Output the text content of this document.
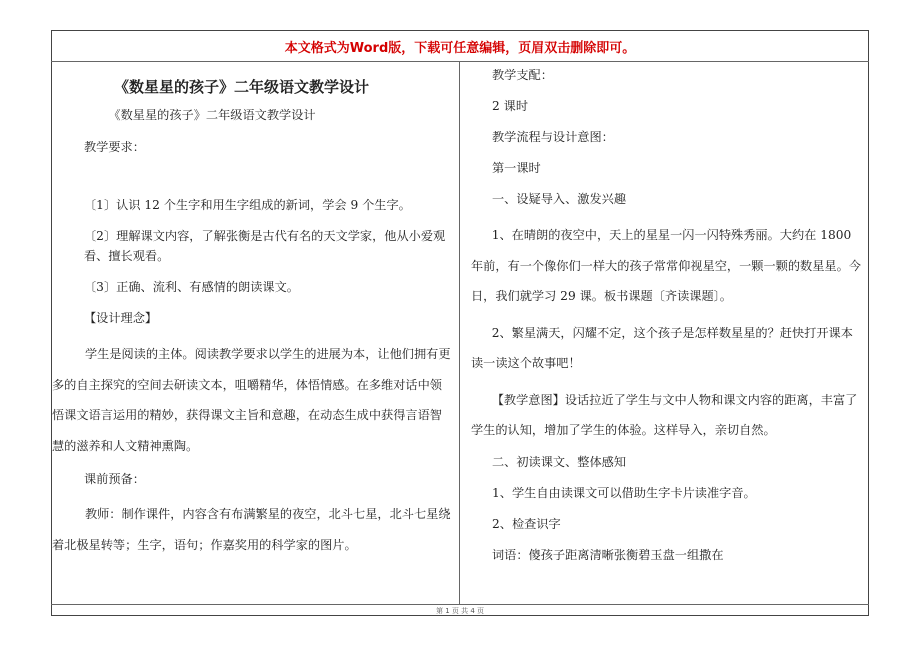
本文格式为Word版，下载可任意编辑，页眉双击删除即可。

《数星星的孩子》二年级语文教学设计

《数星星的孩子》二年级语文教学设计

教学要求：

〔1〕认识 12 个生字和用生字组成的新词，学会 9 个生字。

〔2〕理解课文内容，了解张衡是古代有名的天文学家，他从小爱观看、擅长观看。

〔3〕正确、流利、有感情的朗读课文。

【设计理念】

学生是阅读的主体。阅读教学要求以学生的进展为本，让他们拥有更多的自主探究的空间去研读文本，咀嚼精华，体悟情感。在多维对话中领悟课文语言运用的精妙，获得课文主旨和意趣，在动态生成中获得言语智慧的滋养和人文精神熏陶。

课前预备：

教师：制作课件，内容含有布满繁星的夜空，北斗七星，北斗七星绕着北极星转等；生字，语句；作嘉奖用的科学家的图片。

教学支配：

2 课时

教学流程与设计意图：

第一课时

一、设疑导入、激发兴趣

1、在晴朗的夜空中，天上的星星一闪一闪特殊秀丽。大约在 1800 年前，有一个像你们一样大的孩子常常仰视星空，一颗一颗的数星星。今日，我们就学习 29 课。板书课题〔齐读课题〕。

2、繁星满天，闪耀不定，这个孩子是怎样数星星的？赶快打开课本读一读这个故事吧！

【教学意图】设话拉近了学生与文中人物和课文内容的距离，丰富了学生的认知，增加了学生的体验。这样导入，亲切自然。

二、初读课文、整体感知

1、学生自由读课文可以借助生字卡片读准字音。

2、检查识字

词语：傻孩子距离清晰张衡碧玉盘一组撒在

第 1 页 共 4 页
